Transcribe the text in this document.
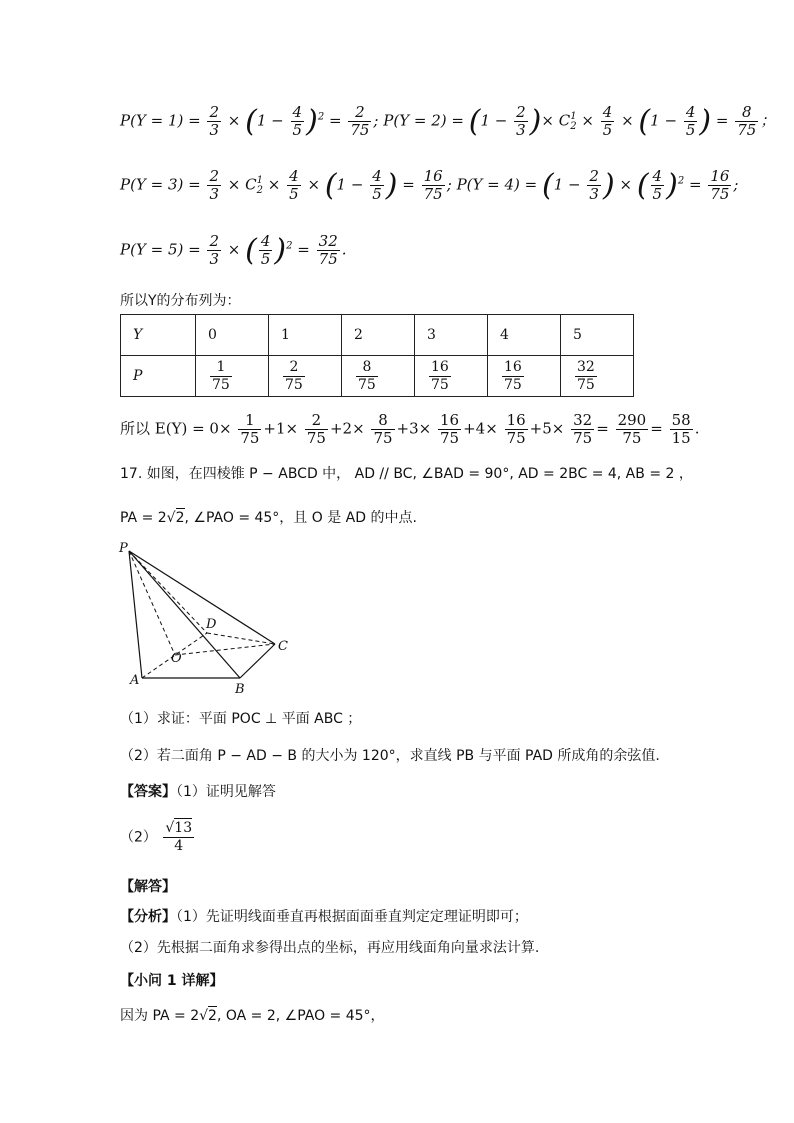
$P(Y = 1) = \frac{2}{3} \times (1 - \frac{4}{5} )^2 = \frac{2}{75}$ ; $P(Y = 2) = (1 - \frac{2}{3}$ )× C 1
$2 \times \frac{4}{5} \times (1 - \frac{4}{5}$ ) = $\frac{8}{75}$ ；
$P(Y = 3) = \frac{2}{3} \times C$ 1
$2 \times \frac{4}{5} \times (1 - \frac{4}{5}$ ) = $\frac{16}{75}$ ; $P(Y = 4) = (1 - \frac{2}{3}$ ) × ( $\frac{4}{5} )^2 = \frac{16}{75}$ ;
$P(Y = 5) = \frac{2}{3}$ × ( $\frac{4}{5} )^2 = \frac{32}{75}$ .
所以Y的分布列为：
Y	0	1	2	3	4	5
P	$\frac{1}{75}$	$\frac{2}{75}$	$\frac{8}{75}$	$\frac{16}{75}$	$\frac{16}{75}$	$\frac{32}{75}$
所以 $E(Y) = 0\times \frac{1}{75} +1\times \frac{2}{75} +2\times \frac{8}{75} +3\times \frac{16}{75} +4\times \frac{16}{75} +5\times \frac{32}{75} = \frac{290}{75} = \frac{58}{15}$ .
17. 如图，在四棱锥 P − ABCD 中， AD // BC, ∠BAD = 90°, AD = 2BC = 4, AB = 2 ，
PA = 2√2, ∠PAO = 45°，且 O 是 AD 的中点.
P
A
B
C
D
O
（1）求证：平面 POC ⊥ 平面 ABC ；
（2）若二面角 P − AD − B 的大小为 120°，求直线 PB 与平面 PAD 所成角的余弦值.
【答案】（1）证明见解答
$(2) \frac{√13}{4}$
【解答】
【分析】（1）先证明线面垂直再根据面面垂直判定定理证明即可；
（2）先根据二面角求参得出点的坐标，再应用线面角向量求法计算.
【小问 1 详解】
因为 PA = 2√2, OA = 2, ∠PAO = 45°，
